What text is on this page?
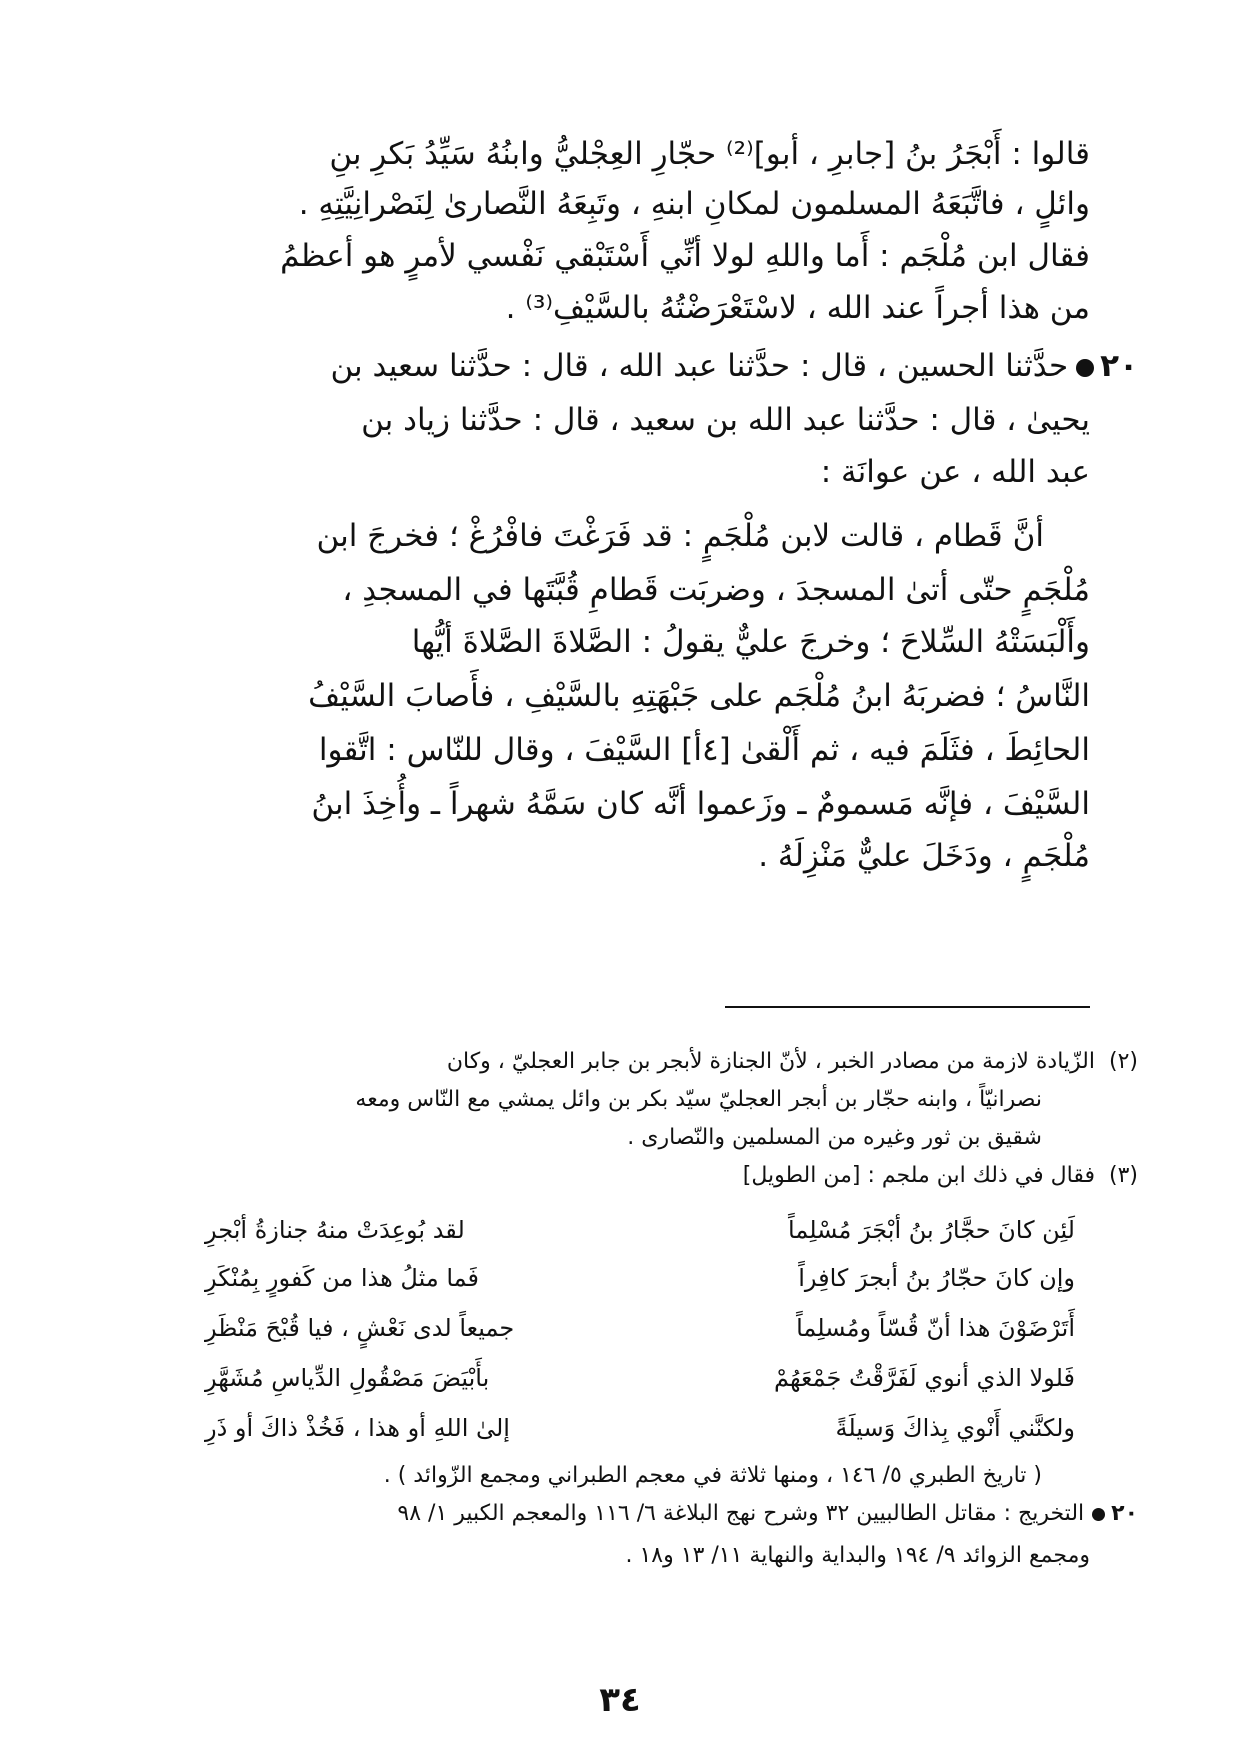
قالوا : أَبْجَرُ بنُ [جابرِ ، أبو]⁽²⁾ حجّارِ العِجْليُّ وابنُهُ سَيِّدُ بَكرِ بنِ
وائلٍ ، فاتَّبَعَهُ المسلمون لمكانِ ابنهِ ، وتَبِعَهُ النَّصارىٰ لِنَصْرانِيَّتِهِ .
فقال ابن مُلْجَم : أَما واللهِ لولا أنِّي أَسْتَبْقي نَفْسي لأمرٍ هو أعظمُ
من هذا أجراً عند الله ، لاسْتَعْرَضْتُهُ بالسَّيْفِ⁽³⁾ .
٢٠حدَّثنا الحسين ، قال : حدَّثنا عبد الله ، قال : حدَّثنا سعيد بن
يحيىٰ ، قال : حدَّثنا عبد الله بن سعيد ، قال : حدَّثنا زياد بن
عبد الله ، عن عوانَة :
أنَّ قَطام ، قالت لابن مُلْجَمٍ : قد فَرَغْتَ فافْرُغْ ؛ فخرجَ ابن
مُلْجَمٍ حتّى أتىٰ المسجدَ ، وضربَت قَطامِ قُبَّتَها في المسجدِ ،
وأَلْبَسَتْهُ السِّلاحَ ؛ وخرجَ عليٌّ يقولُ : الصَّلاةَ الصَّلاةَ أيُّها
النَّاسُ ؛ فضربَهُ ابنُ مُلْجَم على جَبْهَتِهِ بالسَّيْفِ ، فأَصابَ السَّيْفُ
الحائِطَ ، فثَلَمَ فيه ، ثم أَلْقىٰ [٤أ] السَّيْفَ ، وقال للنّاس : اتَّقوا
السَّيْفَ ، فإنَّه مَسمومٌ ـ وزَعموا أنَّه كان سَمَّهُ شهراً ـ وأُخِذَ ابنُ
مُلْجَمٍ ، ودَخَلَ عليٌّ مَنْزِلَهُ .
(٢)  الزّيادة لازمة من مصادر الخبر ، لأنّ الجنازة لأبجر بن جابر العجليّ ، وكان
نصرانيّاً ، وابنه حجّار بن أبجر العجليّ سيّد بكر بن وائل يمشي مع النّاس ومعه
شقيق بن ثور وغيره من المسلمين والنّصارى .
(٣)  فقال في ذلك ابن ملجم : [من الطويل]
لَئِن كانَ حجَّارُ بنُ أبْجَرَ مُسْلِماً
لقد بُوعِدَتْ منهُ جنازةُ أبْجرِ
وإن كانَ حجّارُ بنُ أبجرَ كافِراً
فَما مثلُ هذا من كَفورٍ بِمُنْكَرِ
أَتَرْضَوْنَ هذا أنّ قُسّاً ومُسلِماً
جميعاً لدى نَعْشٍ ، فيا قُبْحَ مَنْظَرِ
فَلولا الذي أنوي لَفَرَّقْتُ جَمْعَهُمْ
بأَبْيَضَ مَصْقُولِ الدِّياسِ مُشَهَّرِ
ولكنَّني أَنْوي بِذاكَ وَسيلَةً
إلىٰ اللهِ أو هذا ، فَخُذْ ذاكَ أو ذَرِ
( تاريخ الطبري ٥/ ١٤٦ ، ومنها ثلاثة في معجم الطبراني ومجمع الزّوائد ) .
٢٠التخريج : مقاتل الطالبيين ٣٢ وشرح نهج البلاغة ٦/ ١١٦ والمعجم الكبير ١/ ٩٨
ومجمع الزوائد ٩/ ١٩٤ والبداية والنهاية ١١/ ١٣ و١٨ .
٣٤
